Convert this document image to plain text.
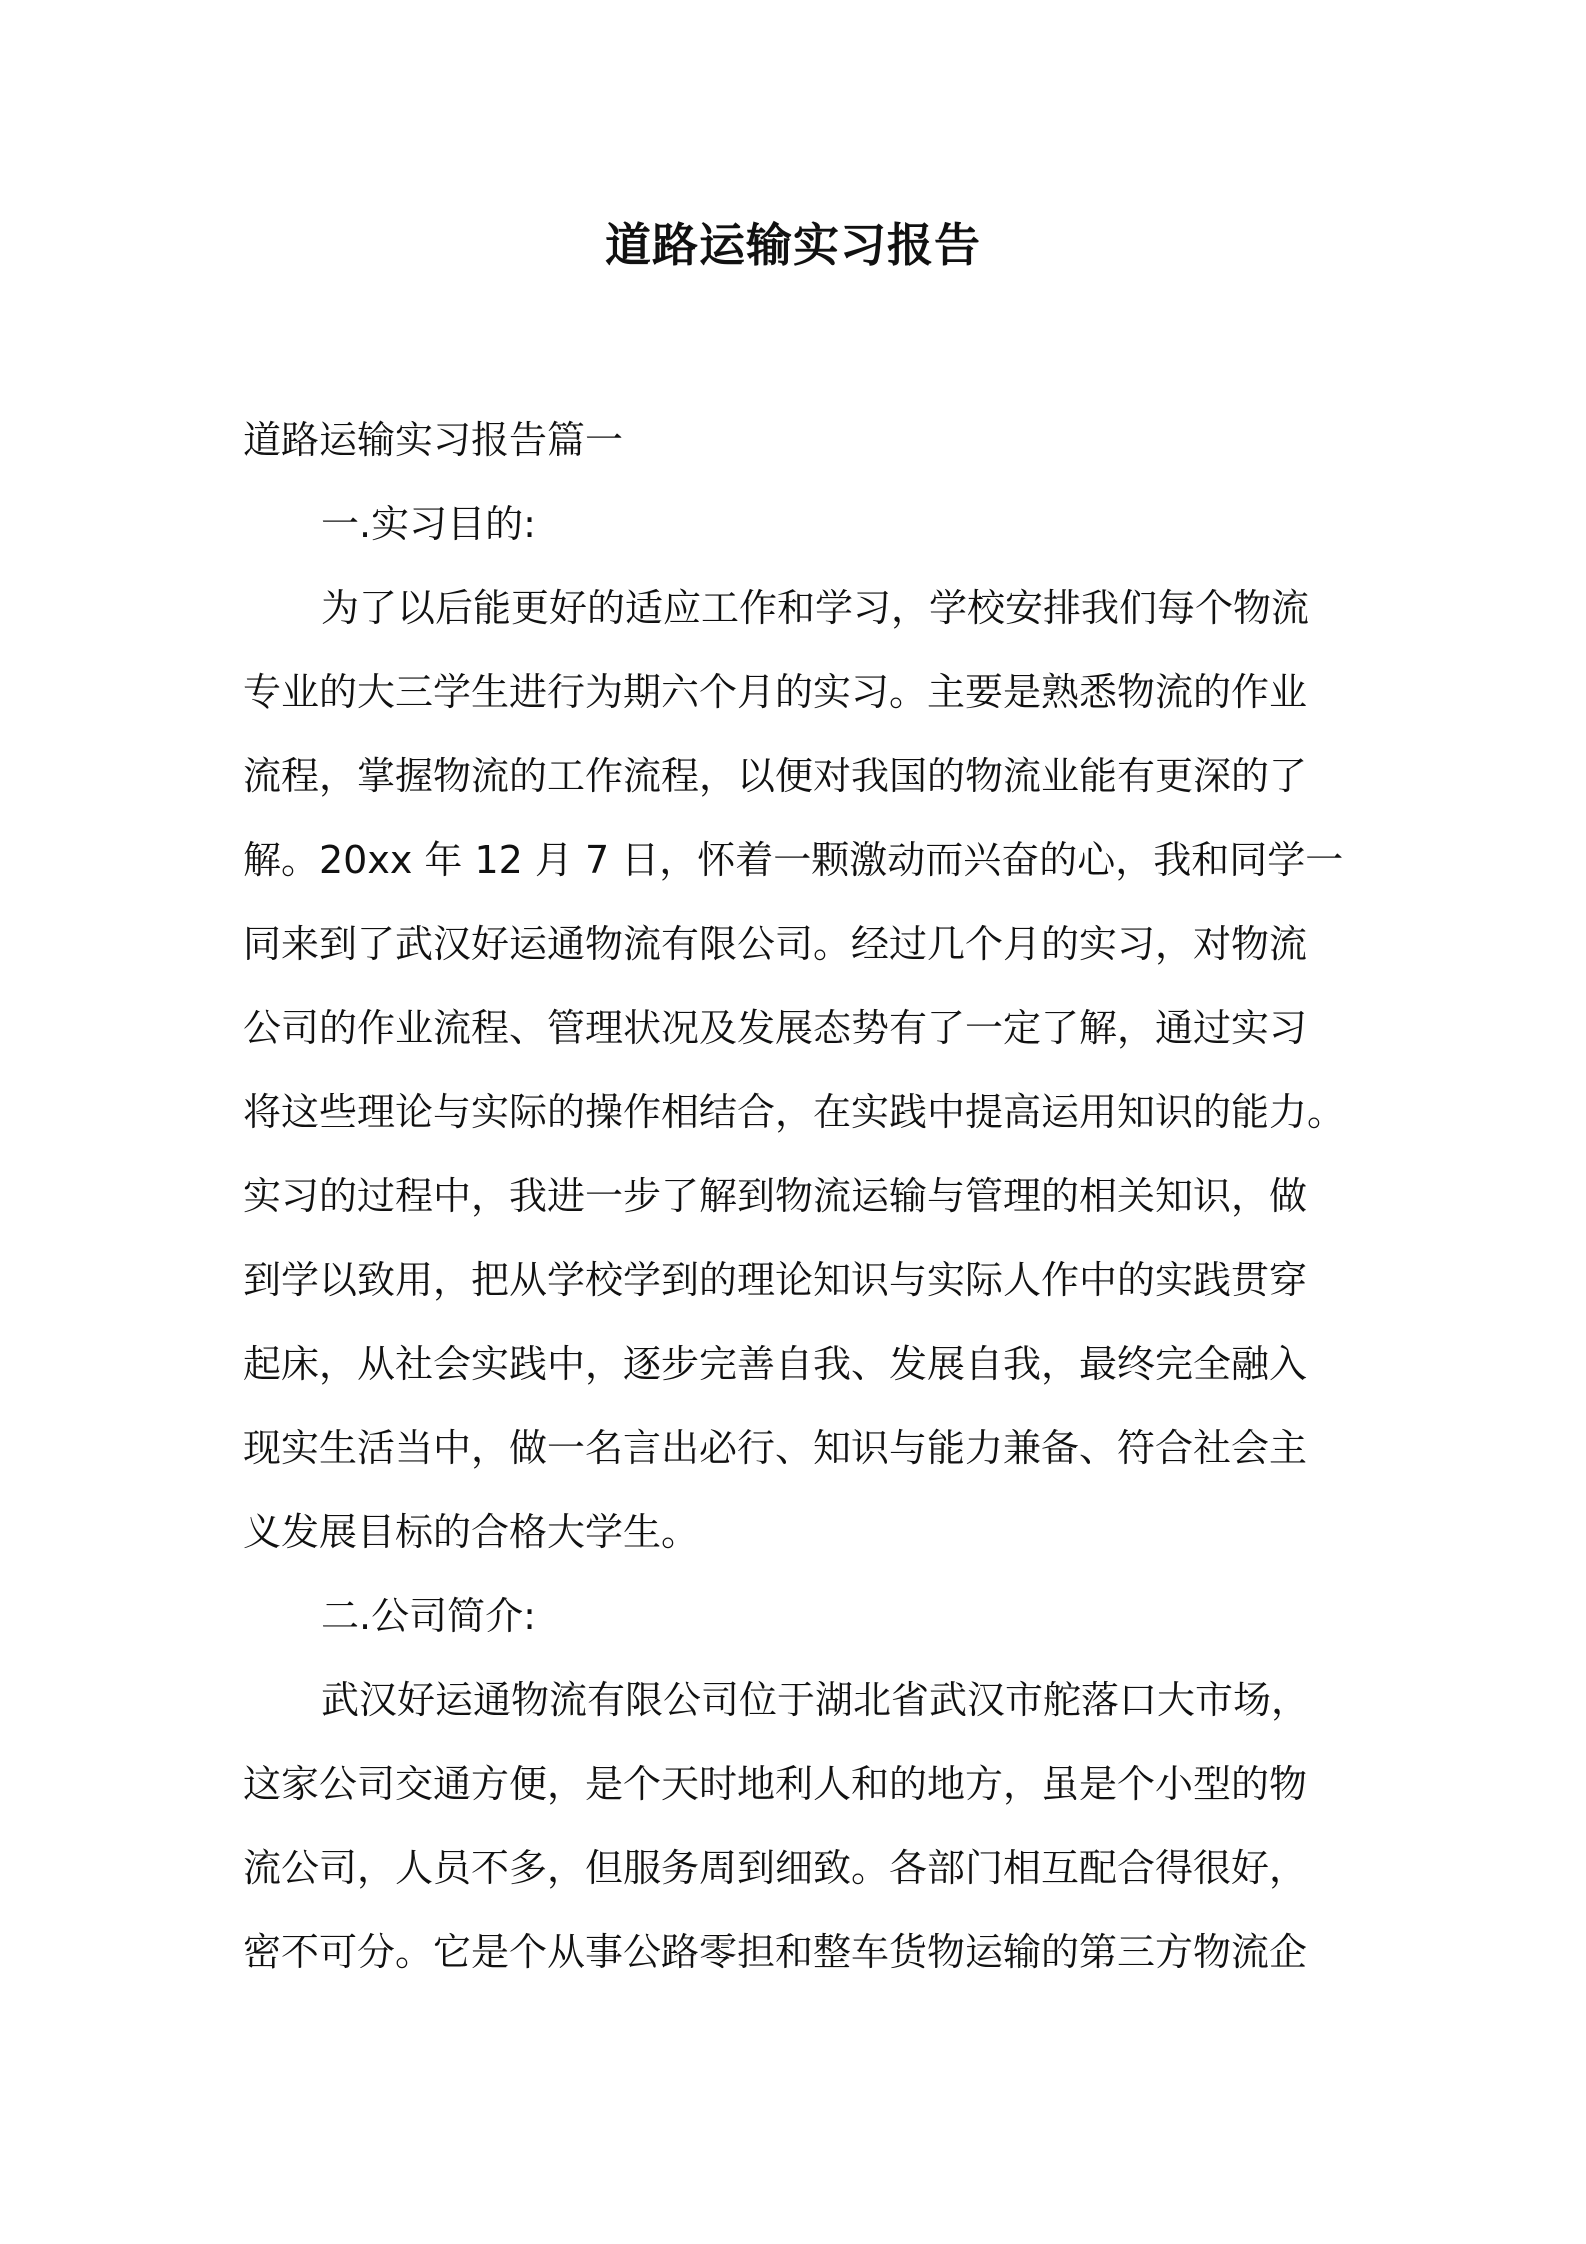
道路运输实习报告
道路运输实习报告篇一
一.实习目的:
为了以后能更好的适应工作和学习，学校安排我们每个物流
专业的大三学生进行为期六个月的实习。主要是熟悉物流的作业
流程，掌握物流的工作流程，以便对我国的物流业能有更深的了
解。20xx 年 12 月 7 日，怀着一颗激动而兴奋的心，我和同学一
同来到了武汉好运通物流有限公司。经过几个月的实习，对物流
公司的作业流程、管理状况及发展态势有了一定了解，通过实习
将这些理论与实际的操作相结合，在实践中提高运用知识的能力。
实习的过程中，我进一步了解到物流运输与管理的相关知识，做
到学以致用，把从学校学到的理论知识与实际人作中的实践贯穿
起床，从社会实践中，逐步完善自我、发展自我，最终完全融入
现实生活当中，做一名言出必行、知识与能力兼备、符合社会主
义发展目标的合格大学生。
二.公司简介:
武汉好运通物流有限公司位于湖北省武汉市舵落口大市场，
这家公司交通方便，是个天时地利人和的地方，虽是个小型的物
流公司，人员不多，但服务周到细致。各部门相互配合得很好，
密不可分。它是个从事公路零担和整车货物运输的第三方物流企
